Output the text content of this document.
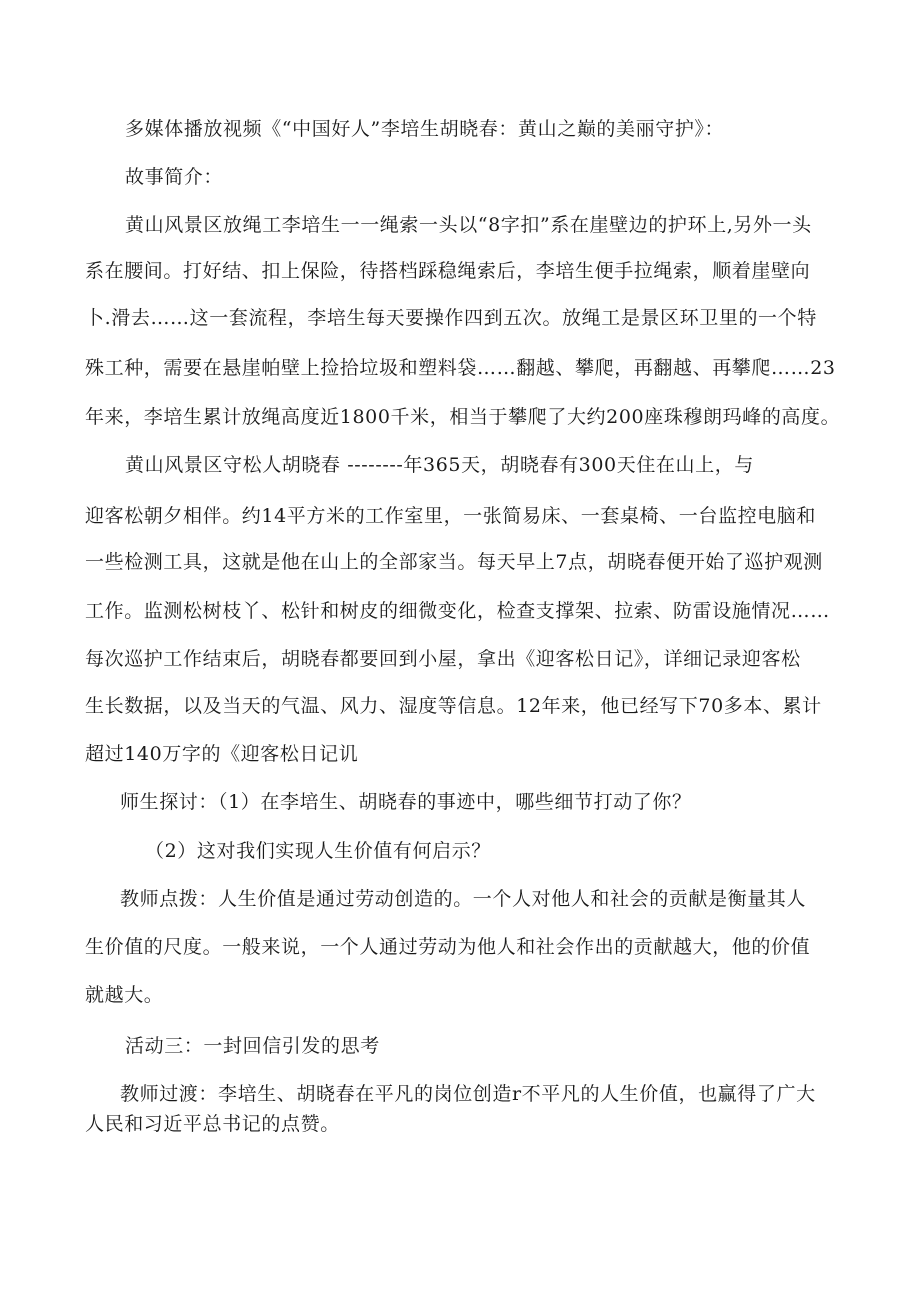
多媒体播放视频《“中国好人”李培生胡晓春：黄山之巅的美丽守护》：
故事简介：
黄山风景区放绳工李培生一一绳索一头以“8字扣”系在崖壁边的护环上,另外一头
系在腰间。打好结、扣上保险，待搭档踩稳绳索后，李培生便手拉绳索，顺着崖壁向
卜.滑去……这一套流程，李培生每天要操作四到五次。放绳工是景区环卫里的一个特
殊工种，需要在悬崖帕壁上捡拾垃圾和塑料袋……翻越、攀爬，再翻越、再攀爬……23
年来，李培生累计放绳高度近1800千米，相当于攀爬了大约200座珠穆朗玛峰的高度。
黄山风景区守松人胡晓春 --------年365天，胡晓春有300天住在山上，与
迎客松朝夕相伴。约14平方米的工作室里，一张简易床、一套桌椅、一台监控电脑和
一些检测工具，这就是他在山上的全部家当。每天早上7点，胡晓春便开始了巡护观测
工作。监测松树枝丫、松针和树皮的细微变化，检查支撑架、拉索、防雷设施情况……
每次巡护工作结束后，胡晓春都要回到小屋，拿出《迎客松日记》，详细记录迎客松
生长数据，以及当天的气温、风力、湿度等信息。12年来，他已经写下70多本、累计
超过140万字的《迎客松日记讥
师生探讨：（1）在李培生、胡晓春的事迹中，哪些细节打动了你？
（2）这对我们实现人生价值有何启示？
教师点拨：人生价值是通过劳动创造的。一个人对他人和社会的贡献是衡量其人
生价值的尺度。一般来说，一个人通过劳动为他人和社会作出的贡献越大，他的价值
就越大。
活动三：一封回信引发的思考
教师过渡：李培生、胡晓春在平凡的岗位创造r不平凡的人生价值，也赢得了广大
人民和习近平总书记的点赞。
